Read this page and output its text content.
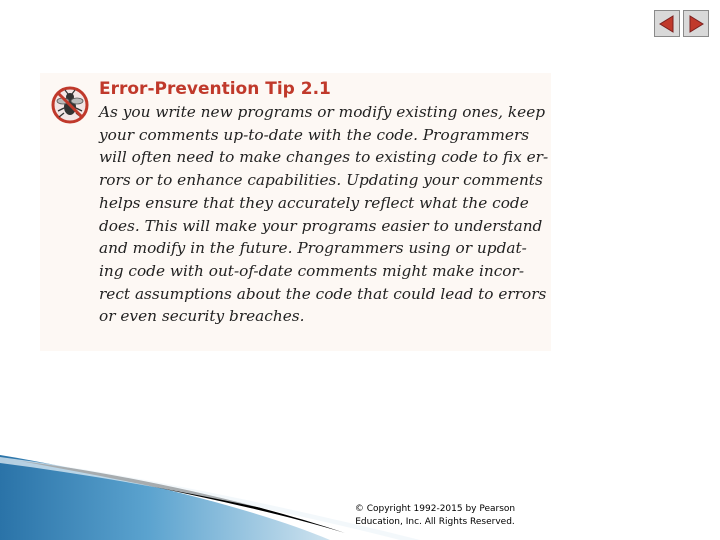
Error-Prevention Tip 2.1
As you write new programs or modify existing ones, keep
your comments up-to-date with the code. Programmers
will often need to make changes to existing code to fix er-
rors or to enhance capabilities. Updating your comments
helps ensure that they accurately reflect what the code
does. This will make your programs easier to understand
and modify in the future. Programmers using or updat-
ing code with out-of-date comments might make incor-
rect assumptions about the code that could lead to errors
or even security breaches.
© Copyright 1992-2015 by Pearson
Education, Inc. All Rights Reserved.
